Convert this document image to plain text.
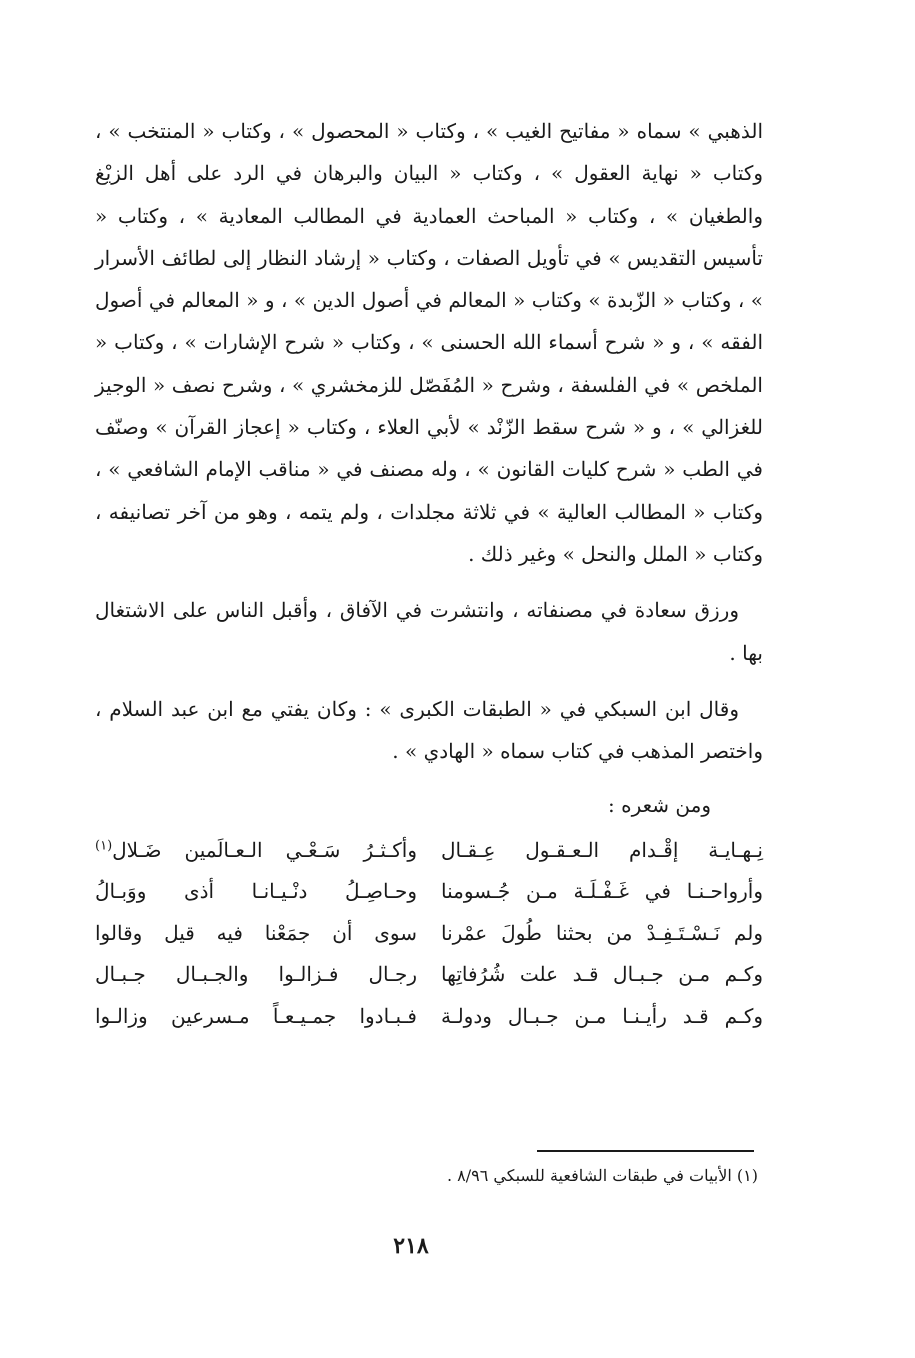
الذهبي » سماه « مفاتيح الغيب » ، وكتاب « المحصول » ، وكتاب « المنتخب » ، وكتاب « نهاية العقول » ، وكتاب « البيان والبرهان في الرد على أهل الزيْغ والطغيان » ، وكتاب « المباحث العمادية في المطالب المعادية » ، وكتاب « تأسيس التقديس » في تأويل الصفات ، وكتاب « إرشاد النظار إلى لطائف الأسرار » ، وكتاب « الزّبدة » وكتاب « المعالم في أصول الدين » ، و « المعالم في أصول الفقه » ، و « شرح أسماء الله الحسنى » ، وكتاب « شرح الإشارات » ، وكتاب « الملخص » في الفلسفة ، وشرح « المُفَصّل للزمخشري » ، وشرح نصف « الوجيز للغزالي » ، و « شرح سقط الزّنْد » لأبي العلاء ، وكتاب « إعجاز القرآن » وصنّف في الطب « شرح كليات القانون » ، وله مصنف في « مناقب الإمام الشافعي » ، وكتاب « المطالب العالية » في ثلاثة مجلدات ، ولم يتمه ، وهو من آخر تصانيفه ، وكتاب « الملل والنحل » وغير ذلك .

ورزق سعادة في مصنفاته ، وانتشرت في الآفاق ، وأقبل الناس على الاشتغال بها .

وقال ابن السبكي في « الطبقات الكبرى » : وكان يفتي مع ابن عبد السلام ، واختصر المذهب في كتاب سماه « الهادي » .

ومن شعره :

نِـهـايـة إقْـدام الـعـقـول عِـقـال
وأكـثـرُ سَـعْـي الـعـالَمين ضَـلال$^{(١)}$
وأرواحـنـا في غَـفْـلَـة مـن جُـسومنا
وحـاصِـلُ دنْـيـانـا أذى ووَبـالُ
ولم نَـسْـتَـفِـدْ من بحثنا طُولَ عمْرنا
سوى أن جمَعْنا فيه قيل وقالوا
وكـم مـن جـبـال قـد علت شُرُفاتِها
رجـال فـزالـوا والجـبـال جـبـال
وكـم قـد رأيـنـا مـن جـبـال ودولـة
فـبـادوا جمـيـعـاً مـسرعين وزالـوا
(١) الأبيات في طبقات الشافعية للسبكي ٨/٩٦ .
٢١٨
